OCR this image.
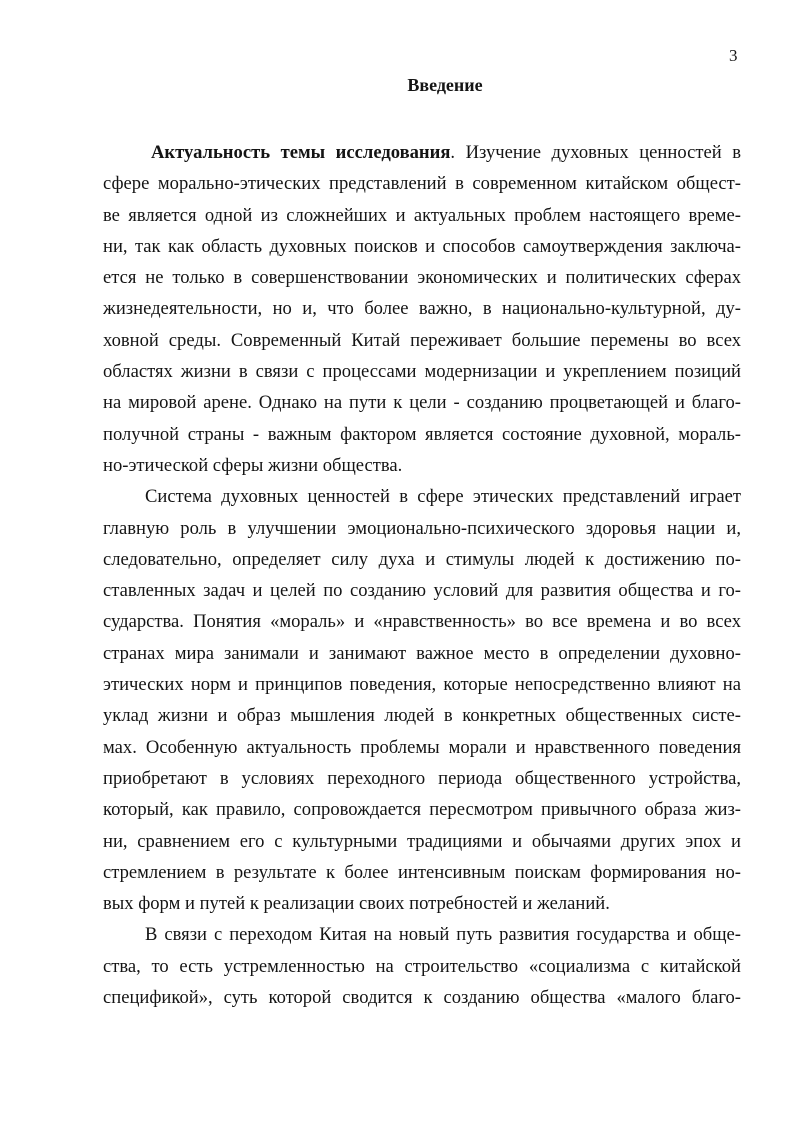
3
Введение
Актуальность темы исследования. Изучение духовных ценностей в
сфере морально-этических представлений в современном китайском общест-
ве является одной из сложнейших и актуальных проблем настоящего време-
ни, так как область духовных поисков и способов самоутверждения заключа-
ется не только в совершенствовании экономических и политических сферах
жизнедеятельности, но и, что более важно, в национально-культурной, ду-
ховной среды. Современный Китай переживает большие перемены во всех
областях жизни в связи с процессами модернизации и укреплением позиций
на мировой арене. Однако на пути к цели - созданию процветающей и благо-
получной страны - важным фактором является состояние духовной, мораль-
но-этической сферы жизни общества.
Система духовных ценностей в сфере этических представлений играет
главную роль в улучшении эмоционально-психического здоровья нации и,
следовательно, определяет силу духа и стимулы людей к достижению по-
ставленных задач и целей по созданию условий для развития общества и го-
сударства. Понятия «мораль» и «нравственность» во все времена и во всех
странах мира занимали и занимают важное место в определении духовно-
этических норм и принципов поведения, которые непосредственно влияют на
уклад жизни и образ мышления людей в конкретных общественных систе-
мах. Особенную актуальность проблемы морали и нравственного поведения
приобретают в условиях переходного периода общественного устройства,
который, как правило, сопровождается пересмотром привычного образа жиз-
ни, сравнением его с культурными традициями и обычаями других эпох и
стремлением в результате к более интенсивным поискам формирования но-
вых форм и путей к реализации своих потребностей и желаний.
В связи с переходом Китая на новый путь развития государства и обще-
ства, то есть устремленностью на строительство «социализма с китайской
спецификой», суть которой сводится к созданию общества «малого благо-
